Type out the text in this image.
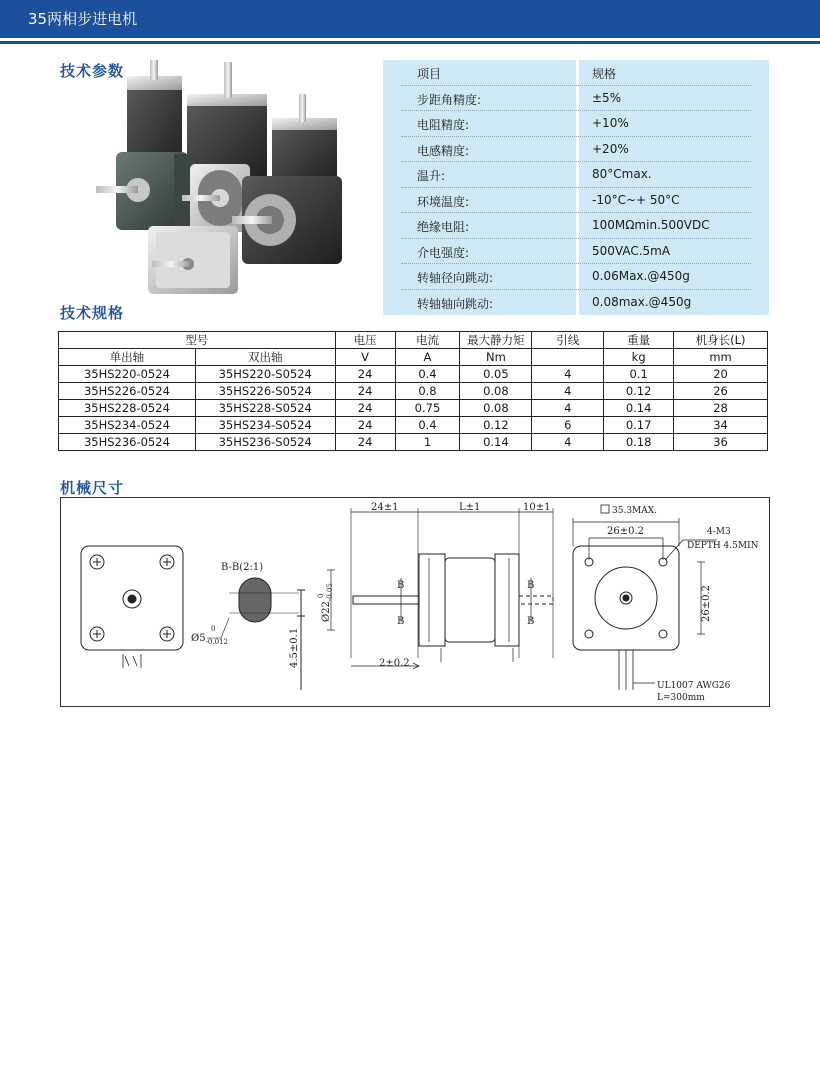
35两相步进电机
技术参数
技术规格
机械尺寸
项目	规格
步距角精度:	±5%
电阻精度:	+10%
电感精度:	+20%
温升:	80°Cmax.
环境温度:	-10°C~+ 50°C
绝缘电阻:	100MΩmin.500VDC
介电强度:	500VAC.5mA
转轴径向跳动:	0.06Max.@450g
转轴轴向跳动:	0.08max.@450g
型号		电压	电流	最大静力矩	引线	重量	机身长(L)
单出轴	双出轴	V	A	Nm		kg	mm
35HS220-0524	35HS220-S0524	24	0.4	0.05	4	0.1	20
35HS226-0524	35HS226-S0524	24	0.8	0.08	4	0.12	26
35HS228-0524	35HS228-S0524	24	0.75	0.08	4	0.14	28
35HS234-0524	35HS234-S0524	24	0.4	0.12	6	0.17	34
35HS236-0524	35HS236-S0524	24	1	0.14	4	0.18	36
B-B(2:1)
$Ø5_{-0.012}$
0	4.5±0.1
24±1	L±1	10±1
$Ø22_{-0.05}$
0
2±0.2
B
B
B
B
35.3MAX.
26±0.2
26±0.2
4-M3
DEPTH 4.5MIN
UL1007 AWG26
L=300mm
